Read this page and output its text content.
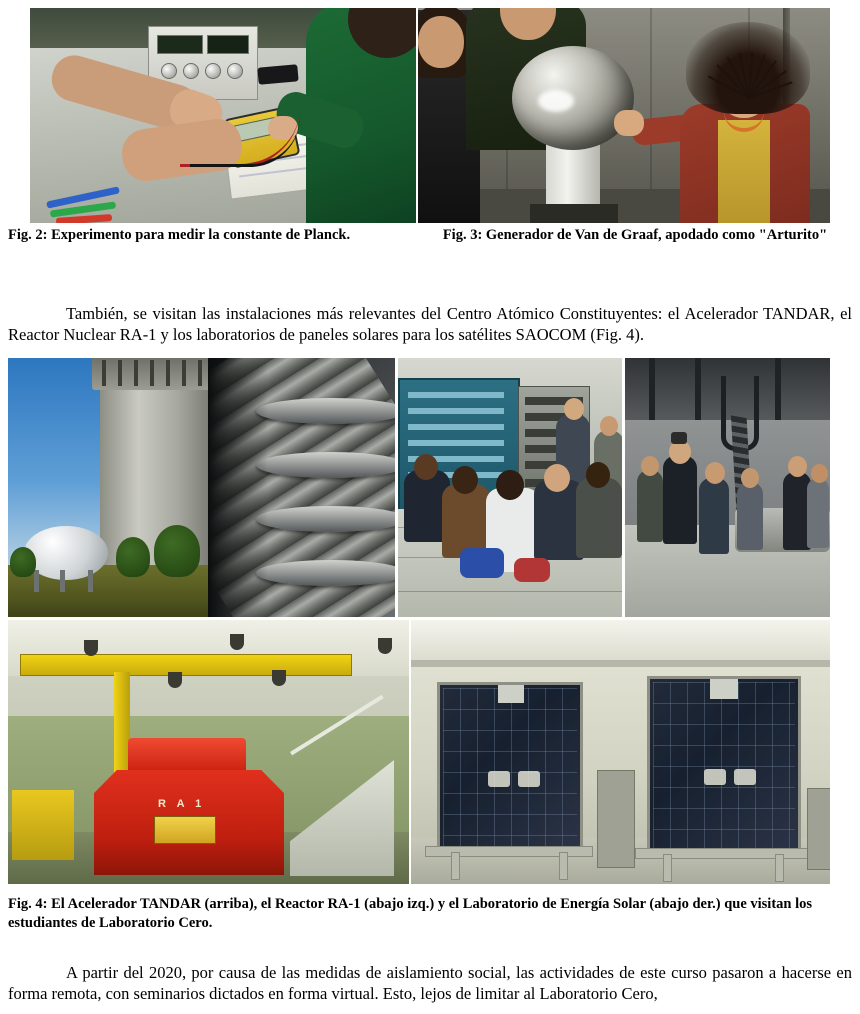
Fig. 2: Experimento para medir la constante de Planck.	Fig. 3: Generador de Van de Graaf, apodado como "Arturito"

También, se visitan las instalaciones más relevantes del Centro Atómico Constituyentes: el Acelerador TANDAR, el Reactor Nuclear RA-1 y los laboratorios de paneles solares para los satélites SAOCOM (Fig. 4).

R A 1
Fig. 4: El Acelerador TANDAR (arriba), el Reactor RA-1 (abajo izq.) y el Laboratorio de Energía Solar (abajo der.) que visitan los estudiantes de Laboratorio Cero.

A partir del 2020, por causa de las medidas de aislamiento social, las actividades de este curso pasaron a hacerse en forma remota, con seminarios dictados en forma virtual. Esto, lejos de limitar al Laboratorio Cero,
